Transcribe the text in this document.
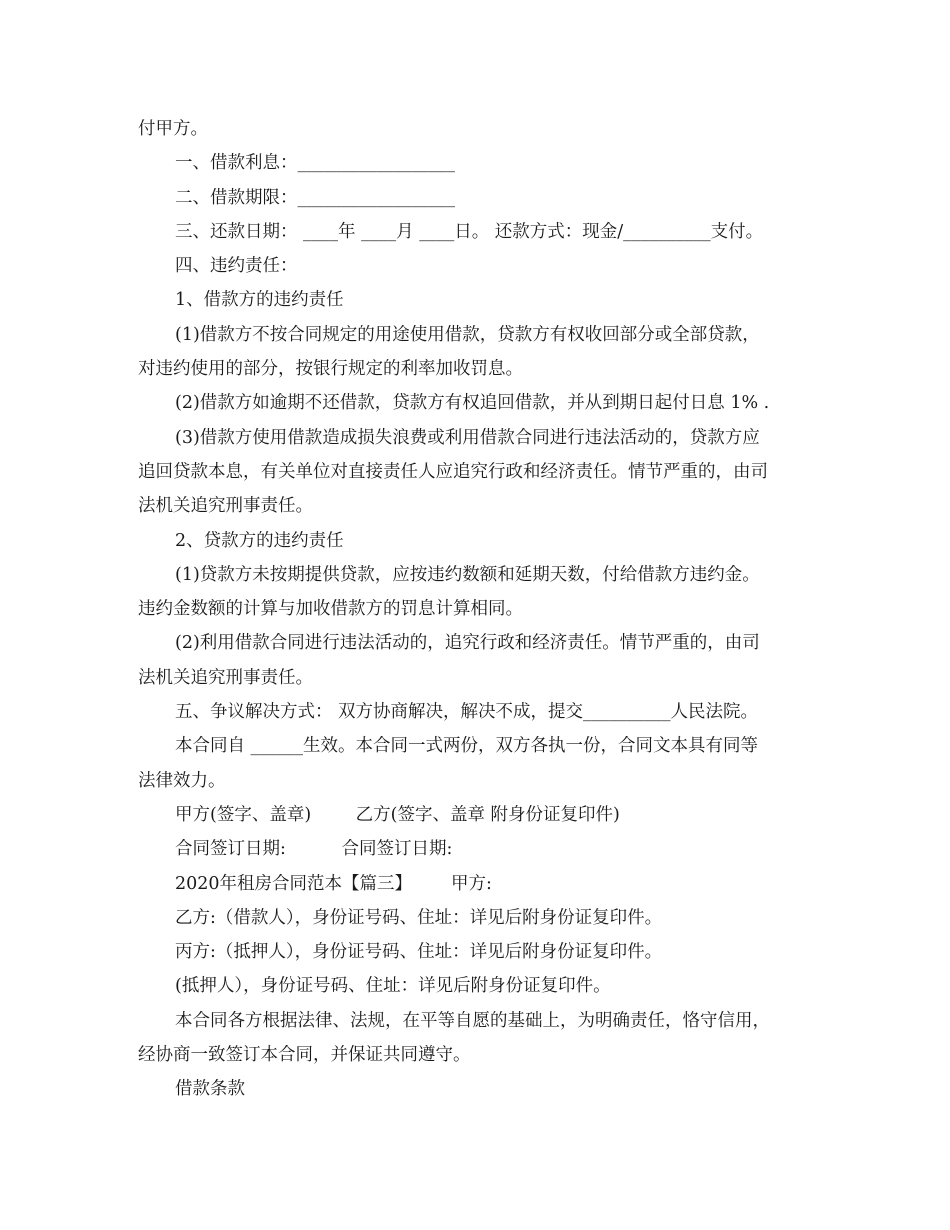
付甲方。
一、借款利息：__________________
二、借款期限：__________________
三、还款日期： ____年 ____月 ____日。 还款方式：现金/__________支付。
四、违约责任：
1、借款方的违约责任
(1)借款方不按合同规定的用途使用借款，贷款方有权收回部分或全部贷款，
对违约使用的部分，按银行规定的利率加收罚息。
(2)借款方如逾期不还借款，贷款方有权追回借款，并从到期日起付日息 1% .
(3)借款方使用借款造成损失浪费或利用借款合同进行违法活动的，贷款方应
追回贷款本息，有关单位对直接责任人应追究行政和经济责任。情节严重的，由司
法机关追究刑事责任。
2、贷款方的违约责任
(1)贷款方未按期提供贷款，应按违约数额和延期天数，付给借款方违约金。
违约金数额的计算与加收借款方的罚息计算相同。
(2)利用借款合同进行违法活动的，追究行政和经济责任。情节严重的，由司
法机关追究刑事责任。
五、争议解决方式： 双方协商解决，解决不成，提交__________人民法院。
本合同自 ______生效。本合同一式两份，双方各执一份，合同文本具有同等
法律效力。
甲方(签字、盖章)        乙方(签字、盖章 附身份证复印件)
合同签订日期:          合同签订日期:
2020年租房合同范本【篇三】       甲方:
乙方:（借款人），身份证号码、住址：详见后附身份证复印件。
丙方:（抵押人），身份证号码、住址：详见后附身份证复印件。
(抵押人），身份证号码、住址：详见后附身份证复印件。
本合同各方根据法律、法规，在平等自愿的基础上，为明确责任，恪守信用，
经协商一致签订本合同，并保证共同遵守。
借款条款
